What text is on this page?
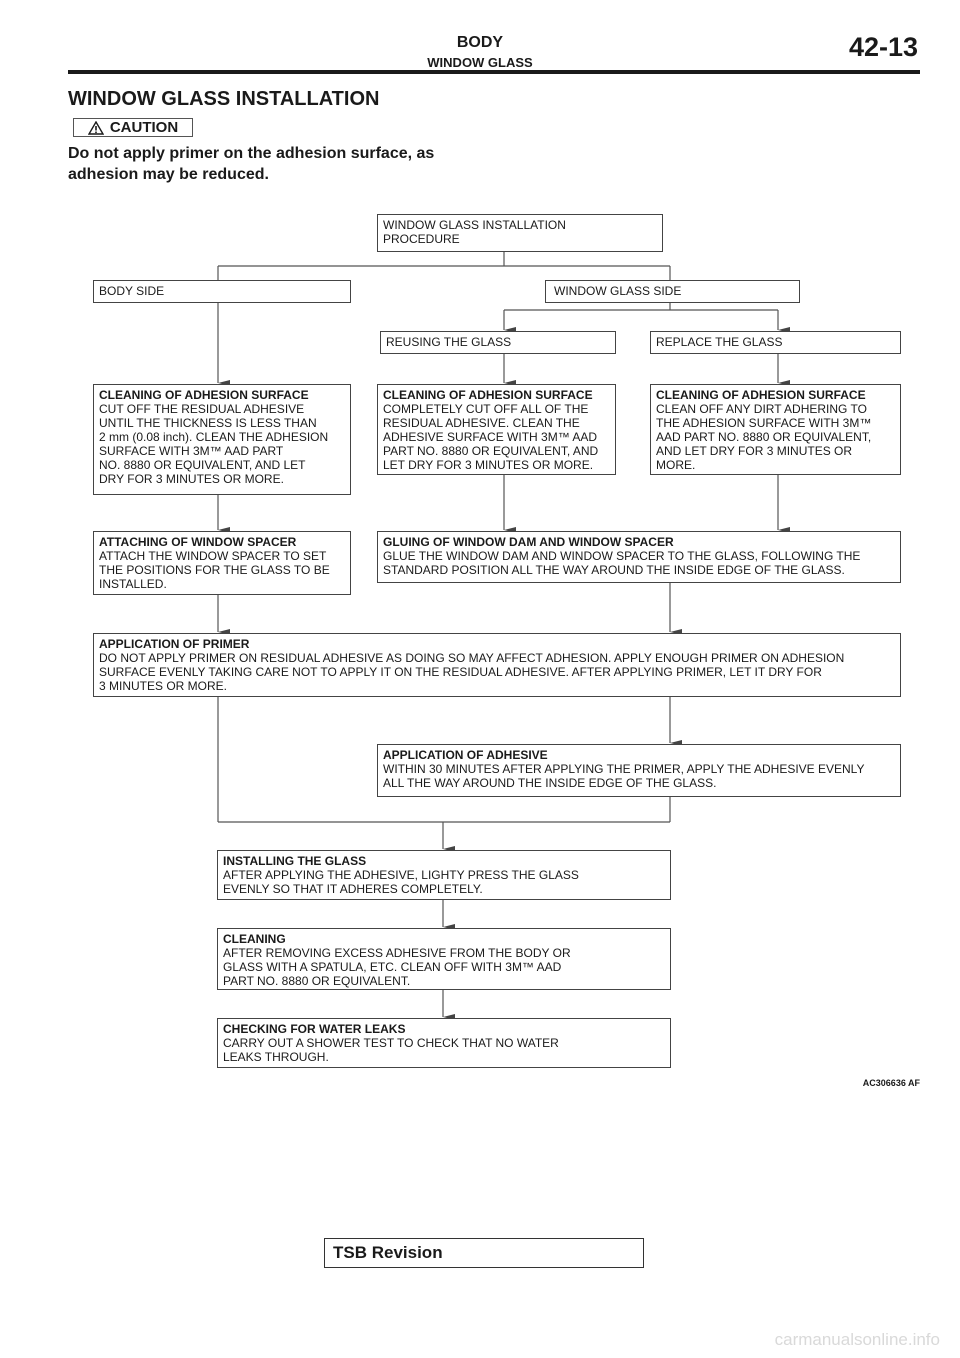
BODY
WINDOW GLASS
42-13
WINDOW GLASS INSTALLATION
CAUTION
Do not apply primer on the adhesion surface, as adhesion may be reduced.
WINDOW GLASS INSTALLATION
PROCEDURE
BODY SIDE	WINDOW GLASS SIDE
REUSING THE GLASS	REPLACE THE GLASS
CLEANING OF ADHESION SURFACE
CUT OFF THE RESIDUAL ADHESIVE
UNTIL THE THICKNESS IS LESS THAN
2 mm (0.08 inch). CLEAN THE ADHESION
SURFACE WITH 3M™ AAD PART
NO. 8880 OR EQUIVALENT, AND LET
DRY FOR 3 MINUTES OR MORE.
CLEANING OF ADHESION SURFACE
COMPLETELY CUT OFF ALL OF THE
RESIDUAL ADHESIVE. CLEAN THE
ADHESIVE SURFACE WITH 3M™ AAD
PART NO. 8880 OR EQUIVALENT, AND
LET DRY FOR 3 MINUTES OR MORE.
CLEANING OF ADHESION SURFACE
CLEAN OFF ANY DIRT ADHERING TO
THE ADHESION SURFACE WITH 3M™
AAD PART NO. 8880 OR EQUIVALENT,
AND LET DRY FOR 3 MINUTES OR
MORE.
ATTACHING OF WINDOW SPACER
ATTACH THE WINDOW SPACER TO SET
THE POSITIONS FOR THE GLASS TO BE
INSTALLED.
GLUING OF WINDOW DAM AND WINDOW SPACER
GLUE THE WINDOW DAM AND WINDOW SPACER TO THE GLASS, FOLLOWING THE
STANDARD POSITION ALL THE WAY AROUND THE INSIDE EDGE OF THE GLASS.
APPLICATION OF PRIMER
DO NOT APPLY PRIMER ON RESIDUAL ADHESIVE AS DOING SO MAY AFFECT ADHESION. APPLY ENOUGH PRIMER ON ADHESION
SURFACE EVENLY TAKING CARE NOT TO APPLY IT ON THE RESIDUAL ADHESIVE. AFTER APPLYING PRIMER, LET IT DRY FOR
3 MINUTES OR MORE.
APPLICATION OF ADHESIVE
WITHIN 30 MINUTES AFTER APPLYING THE PRIMER, APPLY THE ADHESIVE EVENLY
ALL THE WAY AROUND THE INSIDE EDGE OF THE GLASS.
INSTALLING THE GLASS
AFTER APPLYING THE ADHESIVE, LIGHTY PRESS THE GLASS
EVENLY SO THAT IT ADHERES COMPLETELY.
CLEANING
AFTER REMOVING EXCESS ADHESIVE FROM THE BODY OR
GLASS WITH A SPATULA, ETC. CLEAN OFF WITH 3M™ AAD
PART NO. 8880 OR EQUIVALENT.
CHECKING FOR WATER LEAKS
CARRY OUT A SHOWER TEST TO CHECK THAT NO WATER
LEAKS THROUGH.
AC306636 AF
TSB Revision
carmanualsonline.info
